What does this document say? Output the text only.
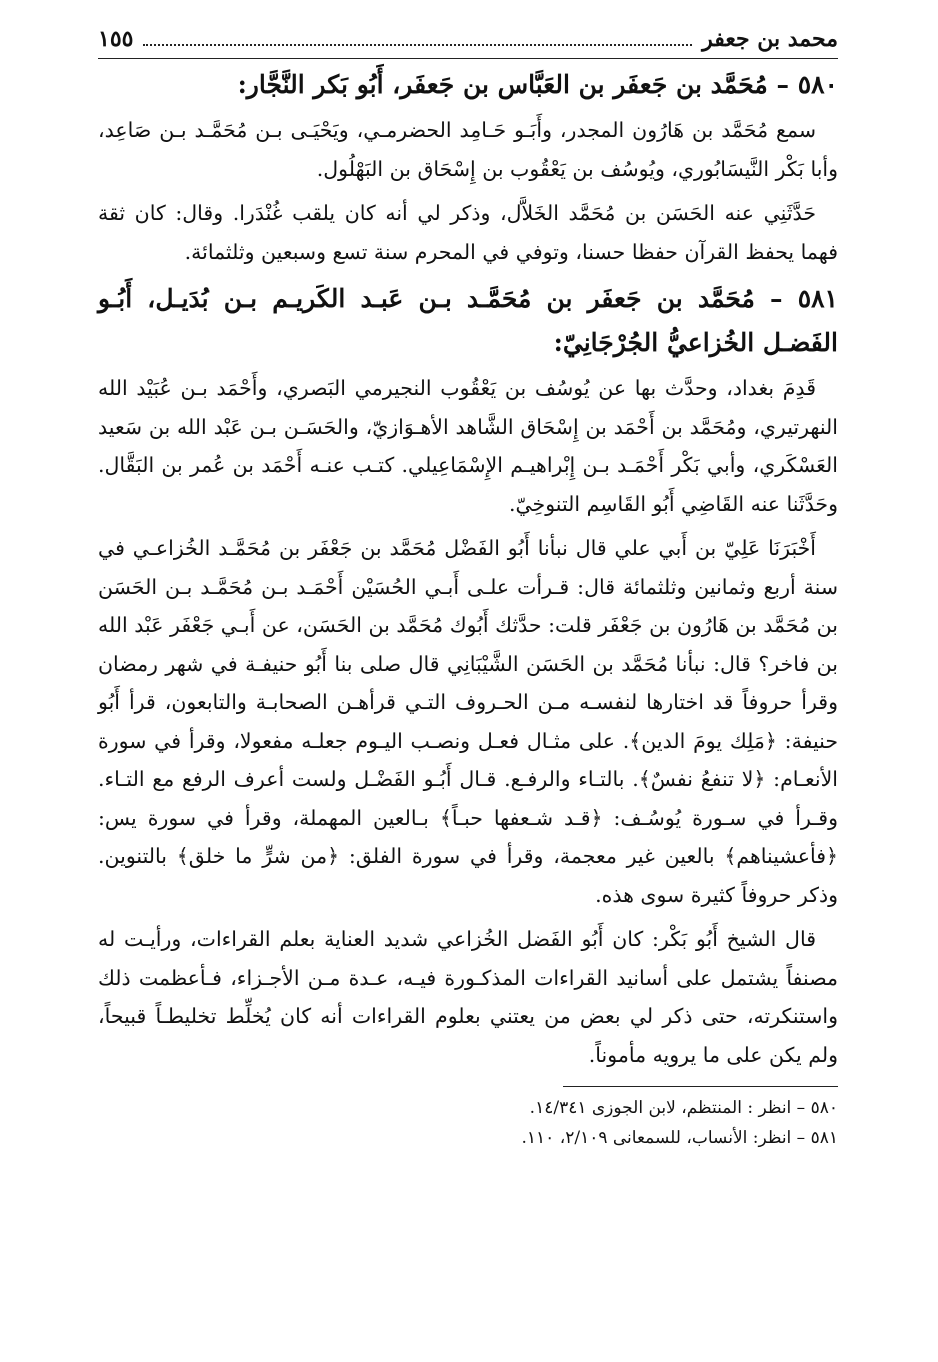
محمد بن جعفر
١٥٥
٥٨٠ – مُحَمَّد بن جَعفَر بن العَبَّاس بن جَعفَر، أَبُو بَكر النَّجَّار:

سمع مُحَمَّد بن هَارُون المجدر، وأَبَـو حَـامِد الحضرمـي، ويَحْيَـى بـن مُحَمَّـد بـن صَاعِد، وأبا بَكْر النَّيسَابُوري، ويُوسُف بن يَعْقُوب بن إِسْحَاق بن البَهْلُول.

حَدَّثَنِي عنه الحَسَن بن مُحَمَّد الخَلاَّل، وذكر لي أنه كان يلقب غُنْدَرا. وقال: كان ثقة فهما يحفظ القرآن حفظا حسنا، وتوفي في المحرم سنة تسع وسبعين وثلثمائة.

٥٨١ – مُحَمَّد بن جَعفَر بن مُحَمَّـد بـن عَبـد الكَريـم بـن بُدَيـل، أَبُـو الفَضـل الخُزاعيُّ الجُرْجَانِيّ:

قَدِمَ بغداد، وحدَّث بها عن يُوسُف بن يَعْقُوب النجيرمي البَصري، وأَحْمَد بـن عُبَيْد الله النهرتيري، ومُحَمَّد بن أَحْمَد بن إِسْحَاق الشَّاهد الأهـوَازيّ، والحَسَـن بـن عَبْد الله بن سَعيد العَسْكَري، وأبي بَكْر أَحْمَـد بـن إِبْراهيـم الإِسْمَاعِيلي. كتـب عنـه أَحْمَد بن عُمر بن البَقَّال. وحَدَّثَنا عنه القَاضِي أَبُو القَاسِم التنوخِيّ.

أَخْبَرَنَا عَلِيّ بن أَبي علي قال نبأنا أَبُو الفَضْل مُحَمَّد بن جَعْفَر بن مُحَمَّـد الخُزاعـي في سنة أربع وثمانين وثلثمائة قال: قـرأت علـى أَبـي الحُسَيْن أَحْمَـد بـن مُحَمَّـد بـن الحَسَن بن مُحَمَّد بن هَارُون بن جَعْفَر قلت: حدَّثك أَبُوك مُحَمَّد بن الحَسَن، عن أَبـي جَعْفَر عَبْد الله بن فاخر؟ قال: نبأنا مُحَمَّد بن الحَسَن الشَّيْبَانِي قال صلى بنا أَبُو حنيفـة في شهر رمضان وقرأ حروفاً قد اختارها لنفسـه مـن الحـروف التـي قرأهـن الصحابـة والتابعون، قرأ أَبُو حنيفة: ﴿مَلِك يومَ الدين﴾. على مثـال فعـل ونصـب اليـوم جعلـه مفعولا، وقرأ في سورة الأنعـام: ﴿لا تنفعُ نفسٌ﴾. بالتـاء والرفـع. قـال أَبُـو الفَضْـل ولست أعرف الرفع مع التـاء. وقـرأ في سـورة يُوسُـف: ﴿قـد شـعفها حبـاً﴾ بـالعين المهملة، وقرأ في سورة يس: ﴿فأعشيناهم﴾ بالعين غير معجمة، وقرأ في سورة الفلق: ﴿من شرٍّ ما خلق﴾ بالتنوين. وذكر حروفاً كثيرة سوى هذه.

قال الشيخ أَبُو بَكْر: كان أَبُو الفَضل الخُزاعي شديد العناية بعلم القراءات، ورأيـت له مصنفاً يشتمل على أسانيد القراءات المذكـورة فيـه، عـدة مـن الأجـزاء، فـأعظمت ذلك واستنكرته، حتى ذكر لي بعض من يعتني بعلوم القراءات أنه كان يُخلِّط تخليطـاً قبيحاً، ولم يكن على ما يرويه مأموناً.

٥٨٠ – انظر : المنتظم، لابن الجوزى ١٤/٣٤١.

٥٨١ – انظر: الأنساب، للسمعانى ٢/١٠٩، ١١٠.
